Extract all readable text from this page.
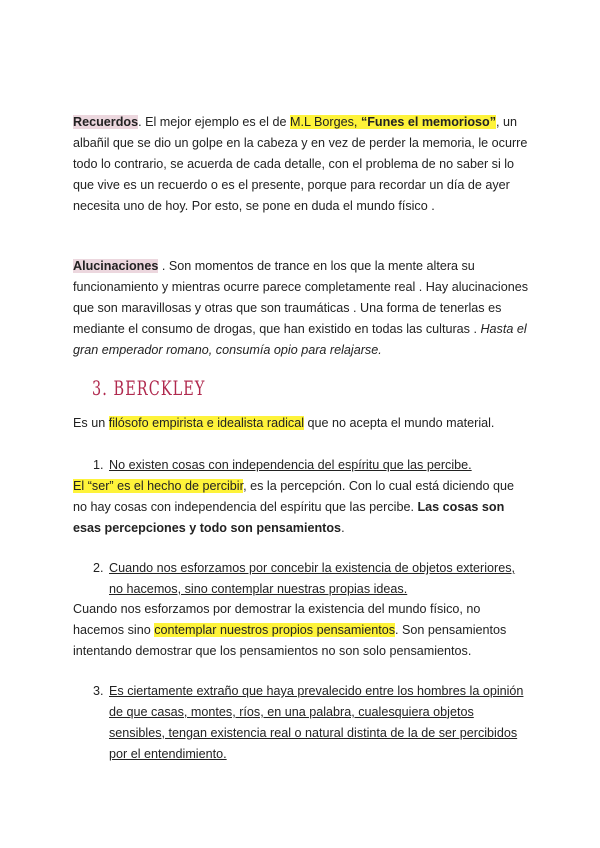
Recuerdos. El mejor ejemplo es el de M.L Borges, “Funes el memorioso”, un albañil que se dio un golpe en la cabeza y en vez de perder la memoria, le ocurre todo lo contrario, se acuerda de cada detalle, con el problema de no saber si lo que vive es un recuerdo o es el presente, porque para recordar un día de ayer necesita uno de hoy. Por esto, se pone en duda el mundo físico .
Alucinaciones . Son momentos de trance en los que la mente altera su funcionamiento y mientras ocurre parece completamente real . Hay alucinaciones que son maravillosas y otras que son traumáticas . Una forma de tenerlas es mediante el consumo de drogas, que han existido en todas las culturas . Hasta el gran emperador romano, consumía opio para relajarse.
3. BERCKLEY
Es un filósofo empirista e idealista radical que no acepta el mundo material.
1. No existen cosas con independencia del espíritu que las percibe.
El “ser” es el hecho de percibir, es la percepción. Con lo cual está diciendo que no hay cosas con independencia del espíritu que las percibe. Las cosas son esas percepciones y todo son pensamientos.
2. Cuando nos esforzamos por concebir la existencia de objetos exteriores, no hacemos, sino contemplar nuestras propias ideas.
Cuando nos esforzamos por demostrar la existencia del mundo físico, no hacemos sino contemplar nuestros propios pensamientos. Son pensamientos intentando demostrar que los pensamientos no son solo pensamientos.
3. Es ciertamente extraño que haya prevalecido entre los hombres la opinión de que casas, montes, ríos, en una palabra, cualesquiera objetos sensibles, tengan existencia real o natural distinta de la de ser percibidos por el entendimiento.
